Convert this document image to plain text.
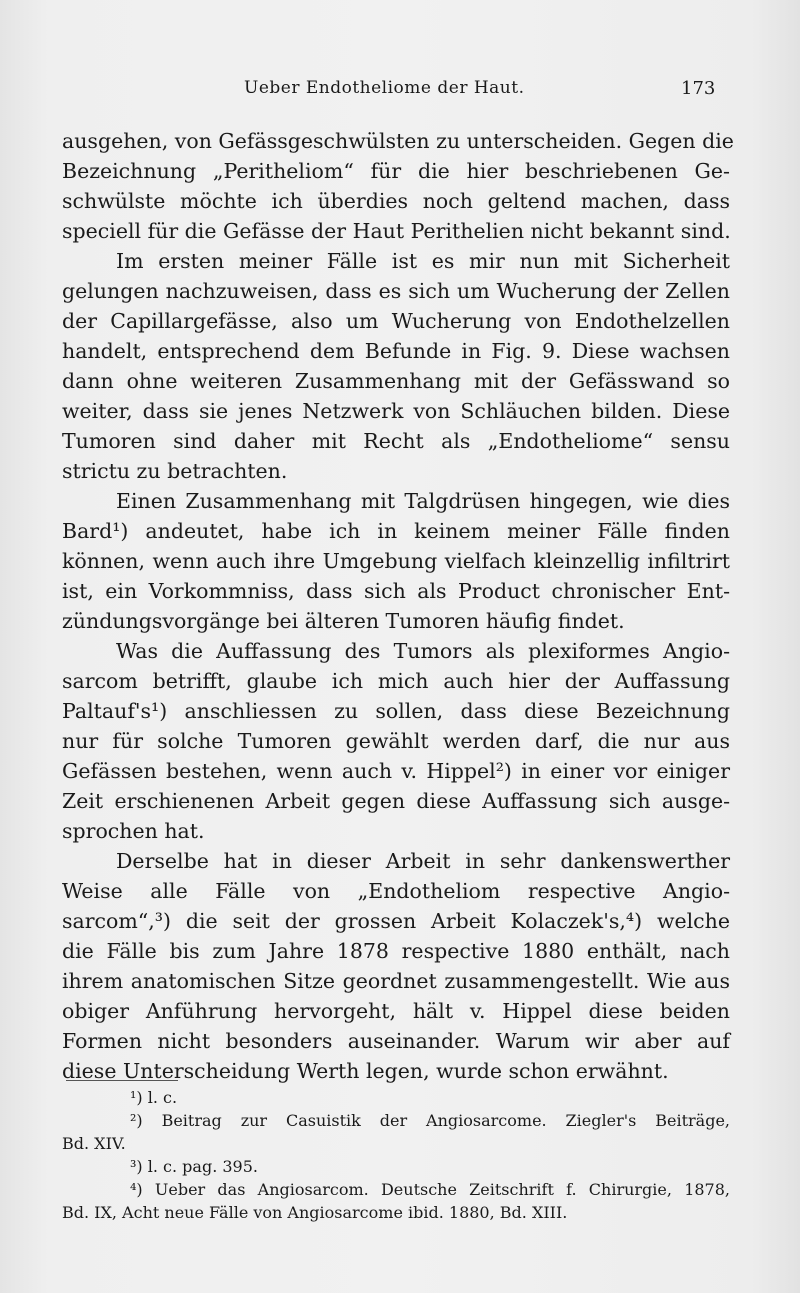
Ueber Endotheliome der Haut.	173
ausgehen, von Gefässgeschwülsten zu unterscheiden. Gegen die
Bezeichnung „Peritheliom“ für die hier beschriebenen Ge-
schwülste möchte ich überdies noch geltend machen, dass
speciell für die Gefässe der Haut Perithelien nicht bekannt sind.
Im ersten meiner Fälle ist es mir nun mit Sicherheit
gelungen nachzuweisen, dass es sich um Wucherung der Zellen
der Capillargefässe, also um Wucherung von Endothelzellen
handelt, entsprechend dem Befunde in Fig. 9. Diese wachsen
dann ohne weiteren Zusammenhang mit der Gefässwand so
weiter, dass sie jenes Netzwerk von Schläuchen bilden. Diese
Tumoren sind daher mit Recht als „Endotheliome“ sensu
strictu zu betrachten.
Einen Zusammenhang mit Talgdrüsen hingegen, wie dies
Bard¹) andeutet, habe ich in keinem meiner Fälle finden
können, wenn auch ihre Umgebung vielfach kleinzellig infiltrirt
ist, ein Vorkommniss, dass sich als Product chronischer Ent-
zündungsvorgänge bei älteren Tumoren häufig findet.
Was die Auffassung des Tumors als plexiformes Angio-
sarcom betrifft, glaube ich mich auch hier der Auffassung
Paltauf's¹) anschliessen zu sollen, dass diese Bezeichnung
nur für solche Tumoren gewählt werden darf, die nur aus
Gefässen bestehen, wenn auch v. Hippel²) in einer vor einiger
Zeit erschienenen Arbeit gegen diese Auffassung sich ausge-
sprochen hat.
Derselbe hat in dieser Arbeit in sehr dankenswerther
Weise alle Fälle von „Endotheliom respective Angio-
sarcom“,³) die seit der grossen Arbeit Kolaczek's,⁴) welche
die Fälle bis zum Jahre 1878 respective 1880 enthält, nach
ihrem anatomischen Sitze geordnet zusammengestellt. Wie aus
obiger Anführung hervorgeht, hält v. Hippel diese beiden
Formen nicht besonders auseinander. Warum wir aber auf
diese Unterscheidung Werth legen, wurde schon erwähnt.
¹) l. c.
²) Beitrag zur Casuistik der Angiosarcome. Ziegler's Beiträge,
Bd. XIV.
³) l. c. pag. 395.
⁴) Ueber das Angiosarcom. Deutsche Zeitschrift f. Chirurgie, 1878,
Bd. IX, Acht neue Fälle von Angiosarcome ibid. 1880, Bd. XIII.
